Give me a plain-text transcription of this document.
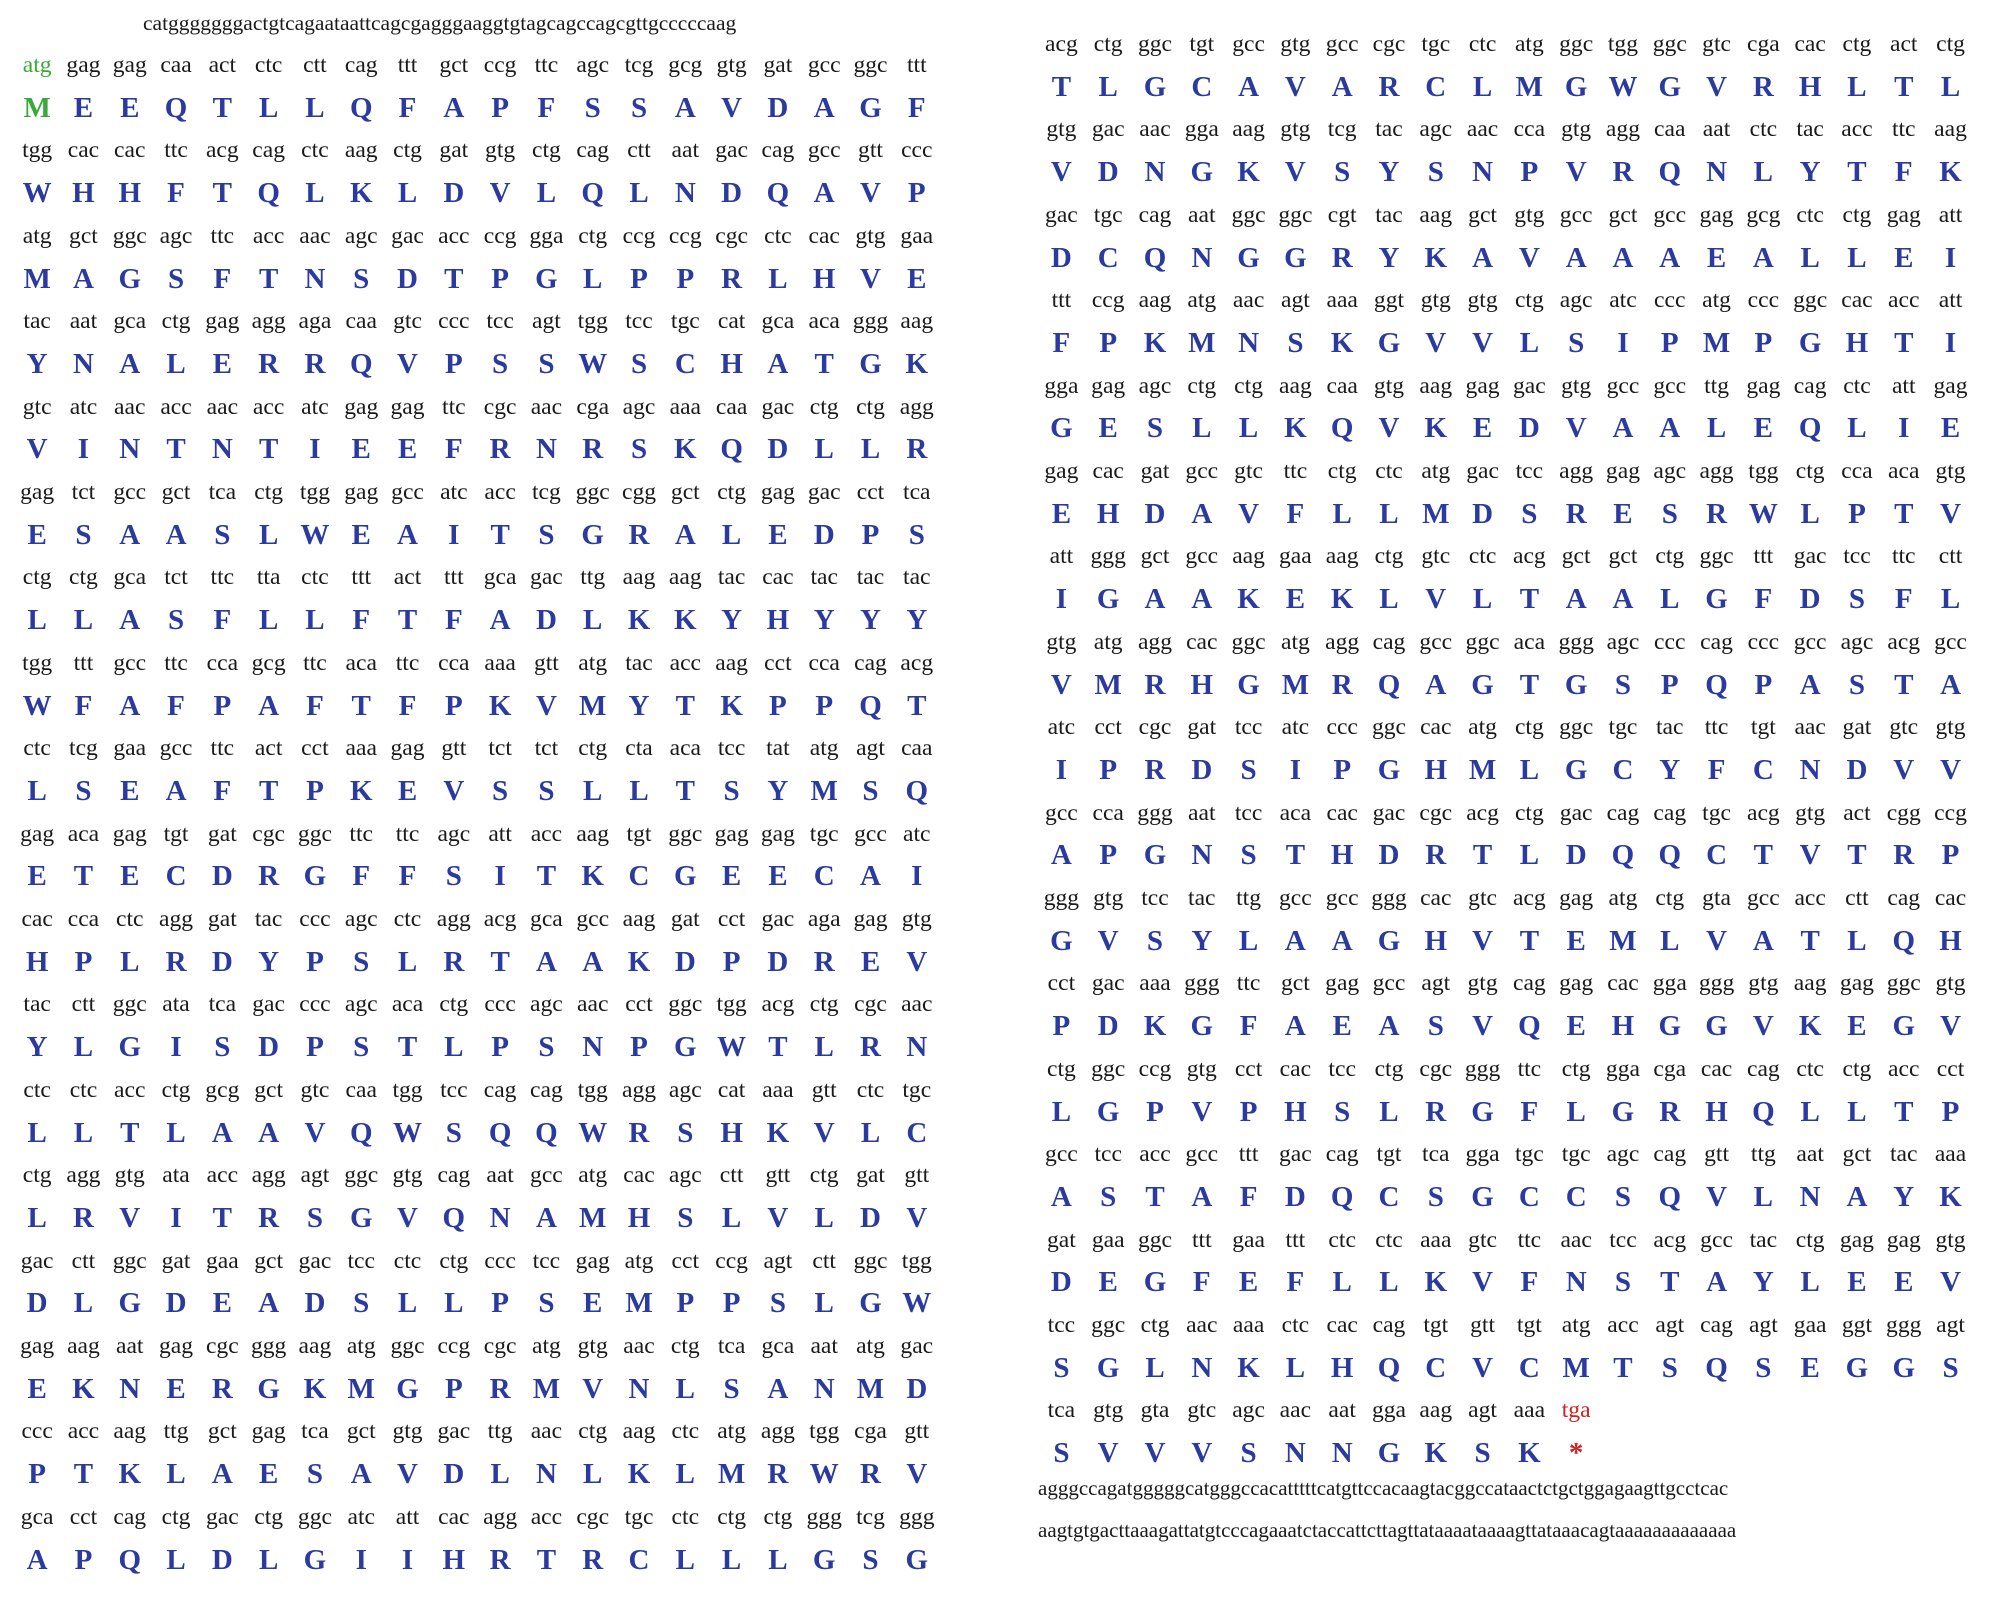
catgggggggactgtcagaataattcagcgagggaaggtgtagcagccagcgttgcccccaag
atg gag gag caa act ctc ctt cag ttt gct ccg ttc agc tcg gcg gtg gat gcc ggc ttt
M E E Q T L L Q F A P F S S A V D A G F
tgg cac cac ttc acg cag ctc aag ctg gat gtg ctg cag ctt aat gac cag gcc gtt ccc
W H H F T Q L K L D V L Q L N D Q A V P
atg gct ggc agc ttc acc aac agc gac acc ccg gga ctg ccg ccg cgc ctc cac gtg gaa
M A G S F T N S D T P G L P P R L H V E
tac aat gca ctg gag agg aga caa gtc ccc tcc agt tgg tcc tgc cat gca aca ggg aag
Y N A L E R R Q V P S S W S C H A T G K
gtc atc aac acc aac acc atc gag gag ttc cgc aac cga agc aaa caa gac ctg ctg agg
V I N T N T I E E F R N R S K Q D L L R
gag tct gcc gct tca ctg tgg gag gcc atc acc tcg ggc cgg gct ctg gag gac cct tca
E S A A S L W E A I T S G R A L E D P S
ctg ctg gca tct ttc tta ctc ttt act ttt gca gac ttg aag aag tac cac tac tac tac
L L A S F L L F T F A D L K K Y H Y Y Y
tgg ttt gcc ttc cca gcg ttc aca ttc cca aaa gtt atg tac acc aag cct cca cag acg
W F A F P A F T F P K V M Y T K P P Q T
ctc tcg gaa gcc ttc act cct aaa gag gtt tct tct ctg cta aca tcc tat atg agt caa
L S E A F T P K E V S S L L T S Y M S Q
gag aca gag tgt gat cgc ggc ttc ttc agc att acc aag tgt ggc gag gag tgc gcc atc
E T E C D R G F F S I T K C G E E C A I
cac cca ctc agg gat tac ccc agc ctc agg acg gca gcc aag gat cct gac aga gag gtg
H P L R D Y P S L R T A A K D P D R E V
tac ctt ggc ata tca gac ccc agc aca ctg ccc agc aac cct ggc tgg acg ctg cgc aac
Y L G I S D P S T L P S N P G W T L R N
ctc ctc acc ctg gcg gct gtc caa tgg tcc cag cag tgg agg agc cat aaa gtt ctc tgc
L L T L A A V Q W S Q Q W R S H K V L C
ctg agg gtg ata acc agg agt ggc gtg cag aat gcc atg cac agc ctt gtt ctg gat gtt
L R V I T R S G V Q N A M H S L V L D V
gac ctt ggc gat gaa gct gac tcc ctc ctg ccc tcc gag atg cct ccg agt ctt ggc tgg
D L G D E A D S L L P S E M P P S L G W
gag aag aat gag cgc ggg aag atg ggc ccg cgc atg gtg aac ctg tca gca aat atg gac
E K N E R G K M G P R M V N L S A N M D
ccc acc aag ttg gct gag tca gct gtg gac ttg aac ctg aag ctc atg agg tgg cga gtt
P T K L A E S A V D L N L K L M R W R V
gca cct cag ctg gac ctg ggc atc att cac agg acc cgc tgc ctc ctg ctg ggg tcg ggg
A P Q L D L G I I H R T R C L L L G S G
acg ctg ggc tgt gcc gtg gcc cgc tgc ctc atg ggc tgg ggc gtc cga cac ctg act ctg
T L G C A V A R C L M G W G V R H L T L
gtg gac aac gga aag gtg tcg tac agc aac cca gtg agg caa aat ctc tac acc ttc aag
V D N G K V S Y S N P V R Q N L Y T F K
gac tgc cag aat ggc ggc cgt tac aag gct gtg gcc gct gcc gag gcg ctc ctg gag att
D C Q N G G R Y K A V A A A E A L L E I
ttt ccg aag atg aac agt aaa ggt gtg gtg ctg agc atc ccc atg ccc ggc cac acc att
F P K M N S K G V V L S I P M P G H T I
gga gag agc ctg ctg aag caa gtg aag gag gac gtg gcc gcc ttg gag cag ctc att gag
G E S L L K Q V K E D V A A L E Q L I E
gag cac gat gcc gtc ttc ctg ctc atg gac tcc agg gag agc agg tgg ctg cca aca gtg
E H D A V F L L M D S R E S R W L P T V
att ggg gct gcc aag gaa aag ctg gtc ctc acg gct gct ctg ggc ttt gac tcc ttc ctt
I G A A K E K L V L T A A L G F D S F L
gtg atg agg cac ggc atg agg cag gcc ggc aca ggg agc ccc cag ccc gcc agc acg gcc
V M R H G M R Q A G T G S P Q P A S T A
atc cct cgc gat tcc atc ccc ggc cac atg ctg ggc tgc tac ttc tgt aac gat gtc gtg
I P R D S I P G H M L G C Y F C N D V V
gcc cca ggg aat tcc aca cac gac cgc acg ctg gac cag cag tgc acg gtg act cgg ccg
A P G N S T H D R T L D Q Q C T V T R P
ggg gtg tcc tac ttg gcc gcc ggg cac gtc acg gag atg ctg gta gcc acc ctt cag cac
G V S Y L A A G H V T E M L V A T L Q H
cct gac aaa ggg ttc gct gag gcc agt gtg cag gag cac gga ggg gtg aag gag ggc gtg
P D K G F A E A S V Q E H G G V K E G V
ctg ggc ccg gtg cct cac tcc ctg cgc ggg ttc ctg gga cga cac cag ctc ctg acc cct
L G P V P H S L R G F L G R H Q L L T P
gcc tcc acc gcc ttt gac cag tgt tca gga tgc tgc agc cag gtt ttg aat gct tac aaa
A S T A F D Q C S G C C S Q V L N A Y K
gat gaa ggc ttt gaa ttt ctc ctc aaa gtc ttc aac tcc acg gcc tac ctg gag gag gtg
D E G F E F L L K V F N S T A Y L E E V
tcc ggc ctg aac aaa ctc cac cag tgt gtt tgt atg acc agt cag agt gaa ggt ggg agt
S G L N K L H Q C V C M T S Q S E G G S
tca gtg gta gtc agc aac aat gga aag agt aaa tga
S V V V S N N G K S K *
agggccagatgggggcatgggccacatttttcatgttccacaagtacggccataactctgctggagaagttgcctcac
aagtgtgacttaaagattatgtcccagaaatctaccattcttagttataaaataaaagttataaacagtaaaaaaaaaaaaa
